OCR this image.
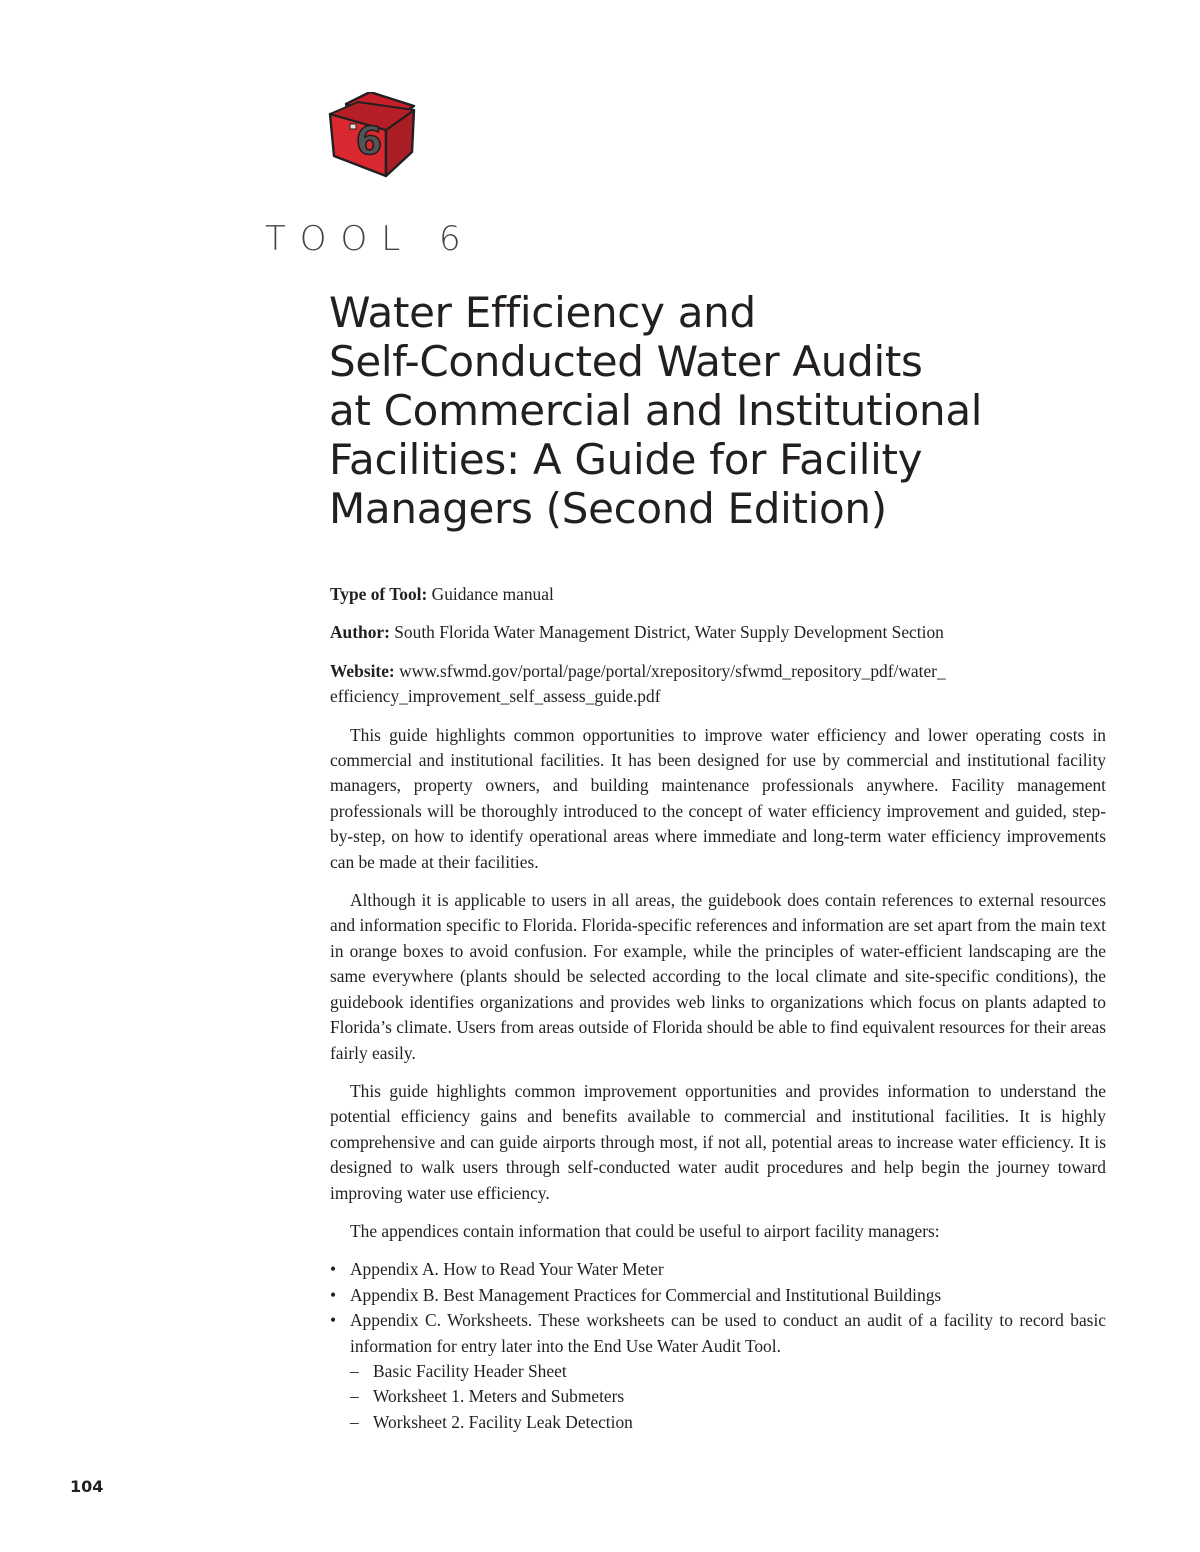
6
TOOL 6
Water Efficiency and
Self-Conducted Water Audits
at Commercial and Institutional
Facilities: A Guide for Facility
Managers (Second Edition)

Type of Tool: Guidance manual

Author: South Florida Water Management District, Water Supply Development Section

Website: www.sfwmd.gov/portal/page/portal/xrepository/sfwmd_repository_pdf/water_
efficiency_improvement_self_assess_guide.pdf

This guide highlights common opportunities to improve water efficiency and lower operating costs in commercial and institutional facilities. It has been designed for use by commercial and institutional facility managers, property owners, and building maintenance professionals anywhere. Facility management professionals will be thoroughly introduced to the concept of water efficiency improvement and guided, step-by-step, on how to identify operational areas where immediate and long-term water efficiency improvements can be made at their facilities.

Although it is applicable to users in all areas, the guidebook does contain references to external resources and information specific to Florida. Florida-specific references and information are set apart from the main text in orange boxes to avoid confusion. For example, while the principles of water-efficient landscaping are the same everywhere (plants should be selected according to the local climate and site-specific conditions), the guidebook identifies organizations and provides web links to organizations which focus on plants adapted to Florida’s climate. Users from areas outside of Florida should be able to find equivalent resources for their areas fairly easily.

This guide highlights common improvement opportunities and provides information to understand the potential efficiency gains and benefits available to commercial and institutional facilities. It is highly comprehensive and can guide airports through most, if not all, potential areas to increase water efficiency. It is designed to walk users through self-conducted water audit procedures and help begin the journey toward improving water use efficiency.

The appendices contain information that could be useful to airport facility managers:

• Appendix A. How to Read Your Water Meter
• Appendix B. Best Management Practices for Commercial and Institutional Buildings
• Appendix C. Worksheets. These worksheets can be used to conduct an audit of a facility to record basic information for entry later into the End Use Water Audit Tool.
– Basic Facility Header Sheet
– Worksheet 1. Meters and Submeters
– Worksheet 2. Facility Leak Detection
104
